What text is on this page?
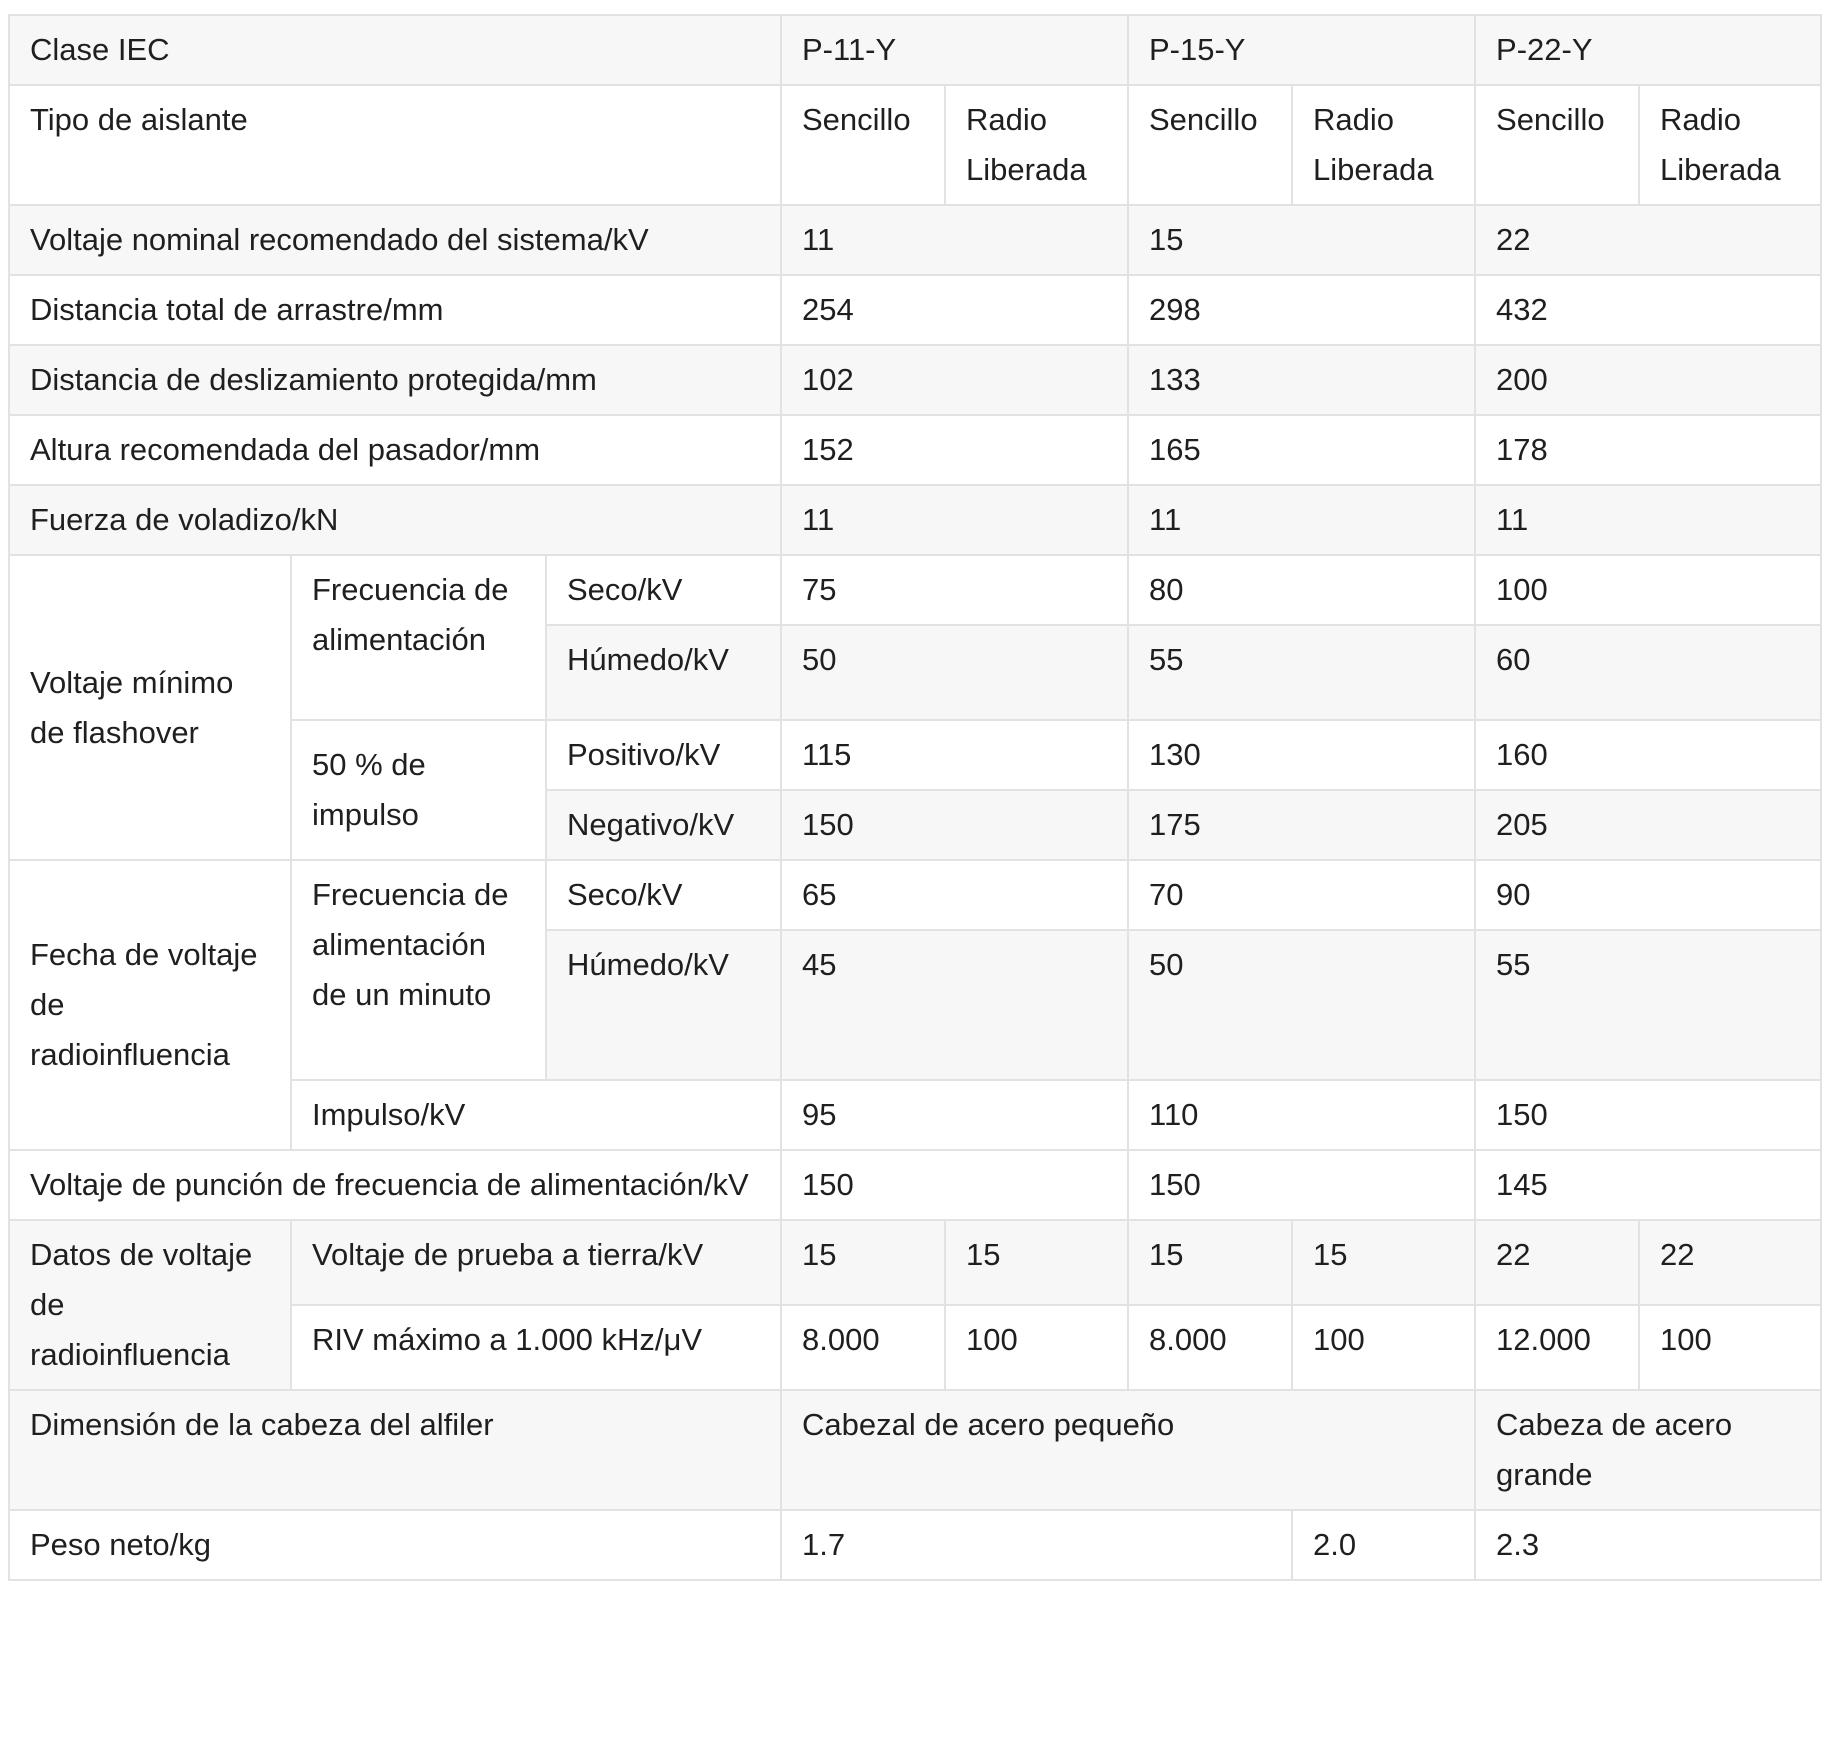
Clase IEC			P-11-Y		P-15-Y		P-22-Y	
Tipo de aislante			Sencillo	Radio Liberada	Sencillo	Radio Liberada	Sencillo	Radio Liberada
Voltaje nominal recomendado del sistema/kV			11		15		22	
Distancia total de arrastre/mm			254		298		432	
Distancia de deslizamiento protegida/mm			102		133		200	
Altura recomendada del pasador/mm			152		165		178	
Fuerza de voladizo/kN			11		11		11	
Voltaje mínimo de flashover	Frecuencia de alimentación	Seco/kV	75		80		100	
		Húmedo/kV	50		55		60	
	50 % de impulso	Positivo/kV	115		130		160	
		Negativo/kV	150		175		205	
Fecha de voltaje de radioinfluencia	Frecuencia de alimentación de un minuto	Seco/kV	65		70		90	
		Húmedo/kV	45		50		55	
	Impulso/kV		95		110		150	
Voltaje de punción de frecuencia de alimentación/kV			150		150		145	
Datos de voltaje de radioinfluencia	Voltaje de prueba a tierra/kV		15	15	15	15	22	22
	RIV máximo a 1.000 kHz/μV		8.000	100	8.000	100	12.000	100
Dimensión de la cabeza del alfiler			Cabezal de acero pequeño				Cabeza de acero grande	
Peso neto/kg			1.7			2.0	2.3	
